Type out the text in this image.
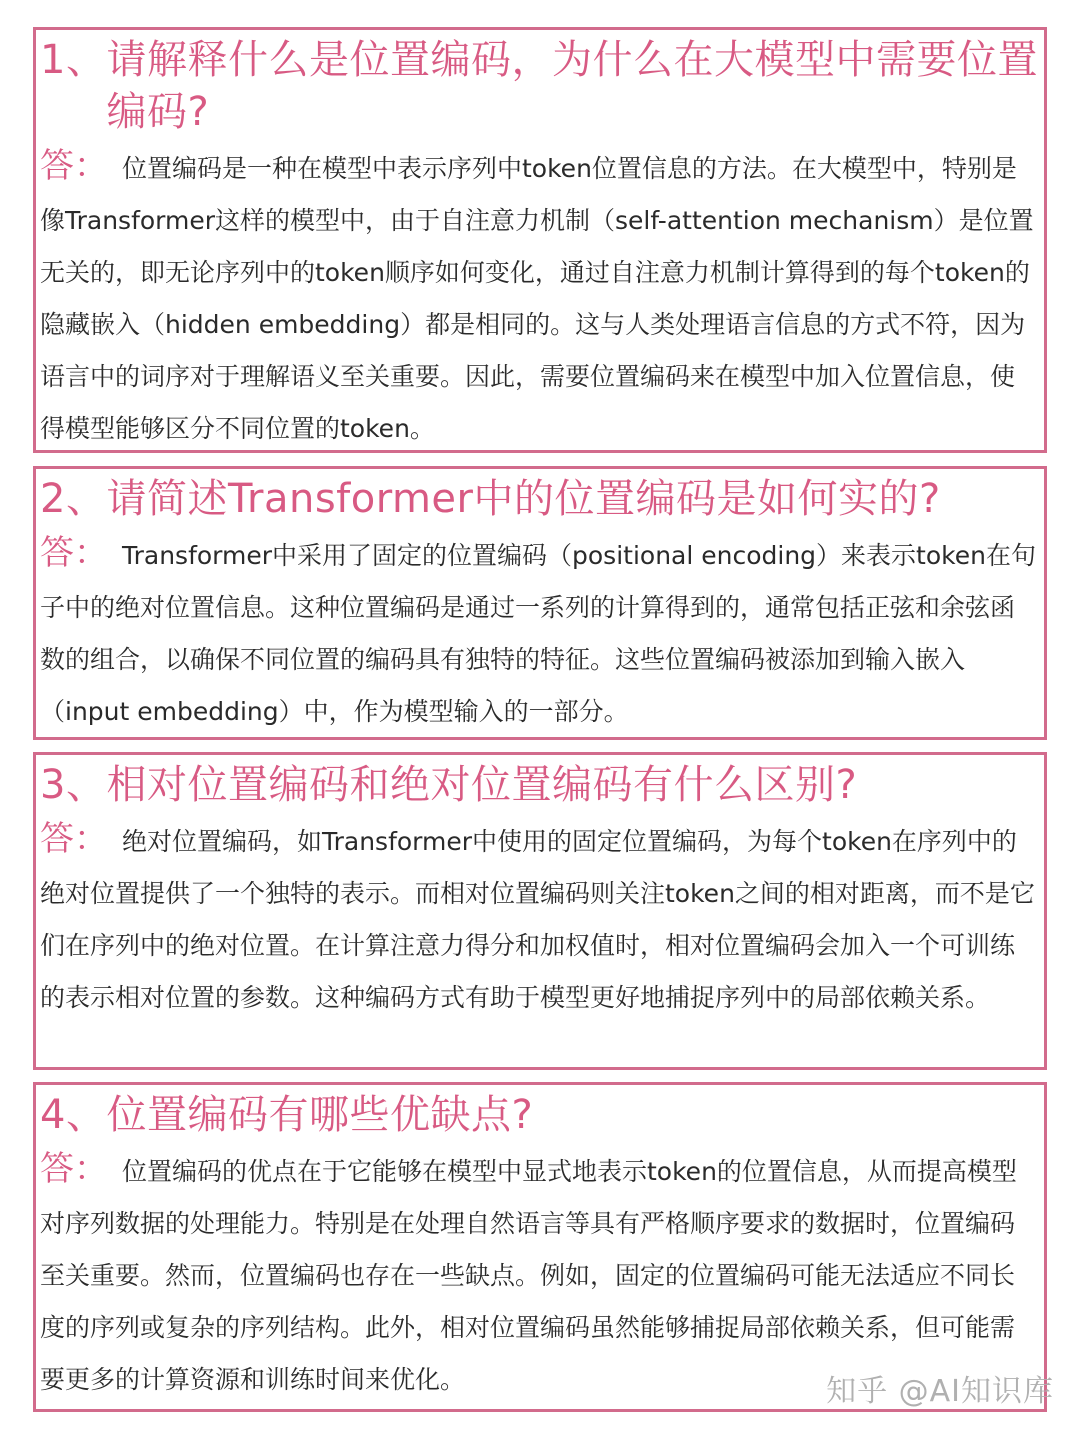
1、 请解释什么是位置编码，为什么在大模型中需要位置编码?
答： 位置编码是一种在模型中表示序列中token位置信息的方法。在大模型中，特别是像Transformer这样的模型中，由于自注意力机制（self-attention mechanism）是位置无关的，即无论序列中的token顺序如何变化，通过自注意力机制计算得到的每个token的隐藏嵌入（hidden embedding）都是相同的。这与人类处理语言信息的方式不符，因为语言中的词序对于理解语义至关重要。因此，需要位置编码来在模型中加入位置信息，使得模型能够区分不同位置的token。
2、 请简述Transformer中的位置编码是如何实的?
答： Transformer中采用了固定的位置编码（positional encoding）来表示token在句子中的绝对位置信息。这种位置编码是通过一系列的计算得到的，通常包括正弦和余弦函数的组合，以确保不同位置的编码具有独特的特征。这些位置编码被添加到输入嵌入（input embedding）中，作为模型输入的一部分。
3、 相对位置编码和绝对位置编码有什么区别?
答： 绝对位置编码，如Transformer中使用的固定位置编码，为每个token在序列中的绝对位置提供了一个独特的表示。而相对位置编码则关注token之间的相对距离，而不是它们在序列中的绝对位置。在计算注意力得分和加权值时，相对位置编码会加入一个可训练的表示相对位置的参数。这种编码方式有助于模型更好地捕捉序列中的局部依赖关系。
4、 位置编码有哪些优缺点?
答： 位置编码的优点在于它能够在模型中显式地表示token的位置信息，从而提高模型对序列数据的处理能力。特别是在处理自然语言等具有严格顺序要求的数据时，位置编码至关重要。然而，位置编码也存在一些缺点。例如，固定的位置编码可能无法适应不同长度的序列或复杂的序列结构。此外，相对位置编码虽然能够捕捉局部依赖关系，但可能需要更多的计算资源和训练时间来优化。	知乎 @AI知识库
